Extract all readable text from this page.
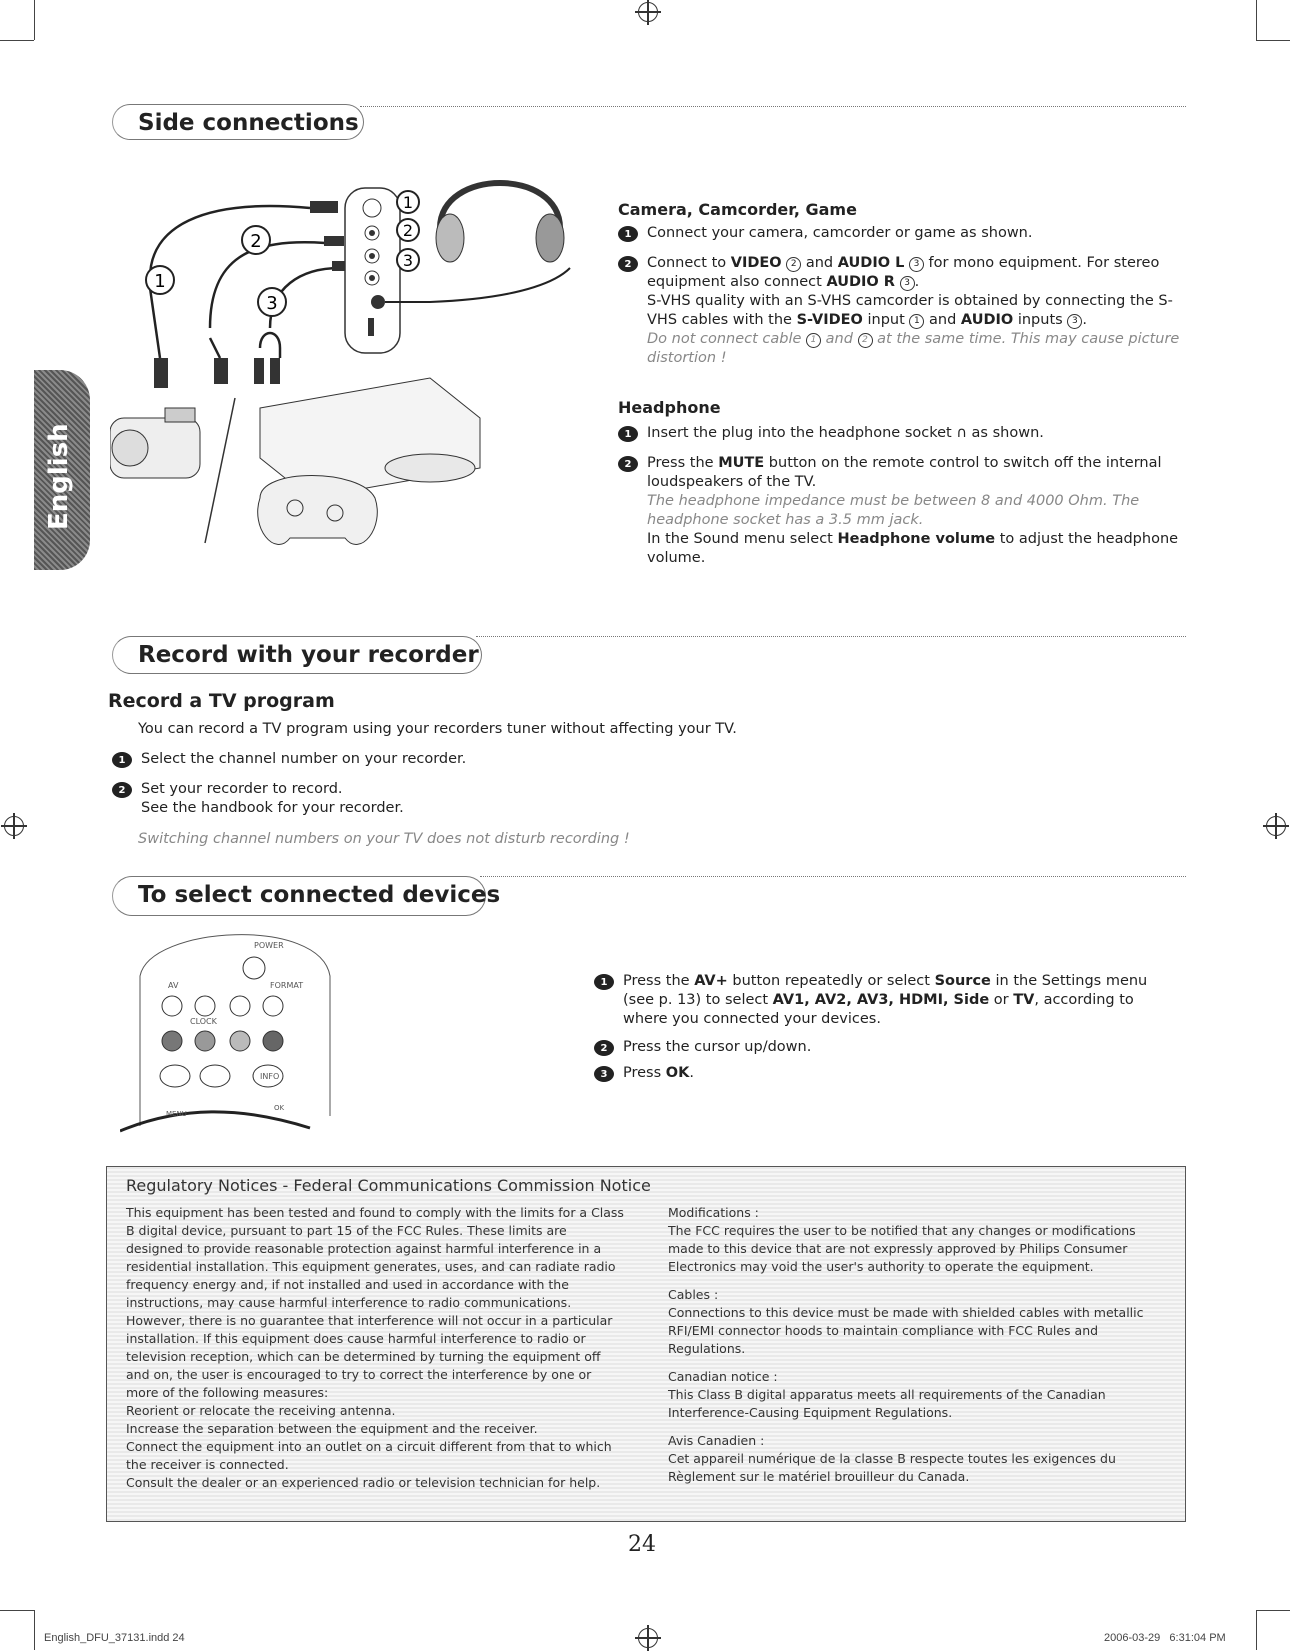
Side connections
1
2
3
2
1
3
Camera, Camcorder, Game
1	Connect your camera, camcorder or game as shown.
2	Connect to VIDEO 2 and AUDIO L 3 for mono equipment. For stereo equipment also connect AUDIO R 3 .
S-VHS quality with an S-VHS camcorder is obtained by connecting the S-VHS cables with the S-VIDEO input 1 and AUDIO inputs 3 .
Do not connect cable 1 and 2 at the same time. This may cause picture distortion !
Headphone
1	Insert the plug into the headphone socket ∩ as shown.
2	Press the MUTE button on the remote control to switch off the internal loudspeakers of the TV.
The headphone impedance must be between 8 and 4000 Ohm. The headphone socket has a 3.5 mm jack.
In the Sound menu select Headphone volume to adjust the headphone volume.
English
Record with your recorder
Record a TV program
You can record a TV program using your recorders tuner without affecting your TV.
1	Select the channel number on your recorder.
2	Set your recorder to record.
See the handbook for your recorder.
Switching channel numbers on your TV does not disturb recording !
To select connected devices
POWER
AV	FORMAT
CLOCK
INFO
MENU
OK
1	Press the AV+ button repeatedly or select Source in the Settings menu (see p. 13) to select AV1, AV2, AV3, HDMI, Side or TV, according to where you connected your devices.
2	Press the cursor up/down.
3	Press OK.
Regulatory Notices - Federal Communications Commission Notice
This equipment has been tested and found to comply with the limits for a Class B digital device, pursuant to part 15 of the FCC Rules. These limits are designed to provide reasonable protection against harmful interference in a residential installation. This equipment generates, uses, and can radiate radio frequency energy and, if not installed and used in accordance with the instructions, may cause harmful interference to radio communications. However, there is no guarantee that interference will not occur in a particular installation. If this equipment does cause harmful interference to radio or television reception, which can be determined by turning the equipment off and on, the user is encouraged to try to correct the interference by one or more of the following measures:
Reorient or relocate the receiving antenna.
Increase the separation between the equipment and the receiver.
Connect the equipment into an outlet on a circuit different from that to which the receiver is connected.
Consult the dealer or an experienced radio or television technician for help.
Modifications :
The FCC requires the user to be notified that any changes or modifications made to this device that are not expressly approved by Philips Consumer Electronics may void the user's authority to operate the equipment.
Cables :
Connections to this device must be made with shielded cables with metallic RFI/EMI connector hoods to maintain compliance with FCC Rules and Regulations.
Canadian notice :
This Class B digital apparatus meets all requirements of the Canadian Interference-Causing Equipment Regulations.
Avis Canadien :
Cet appareil numérique de la classe B respecte toutes les exigences du Règlement sur le matériel brouilleur du Canada.
24
English_DFU_37131.indd 24	2006-03-29   6:31:04 PM
